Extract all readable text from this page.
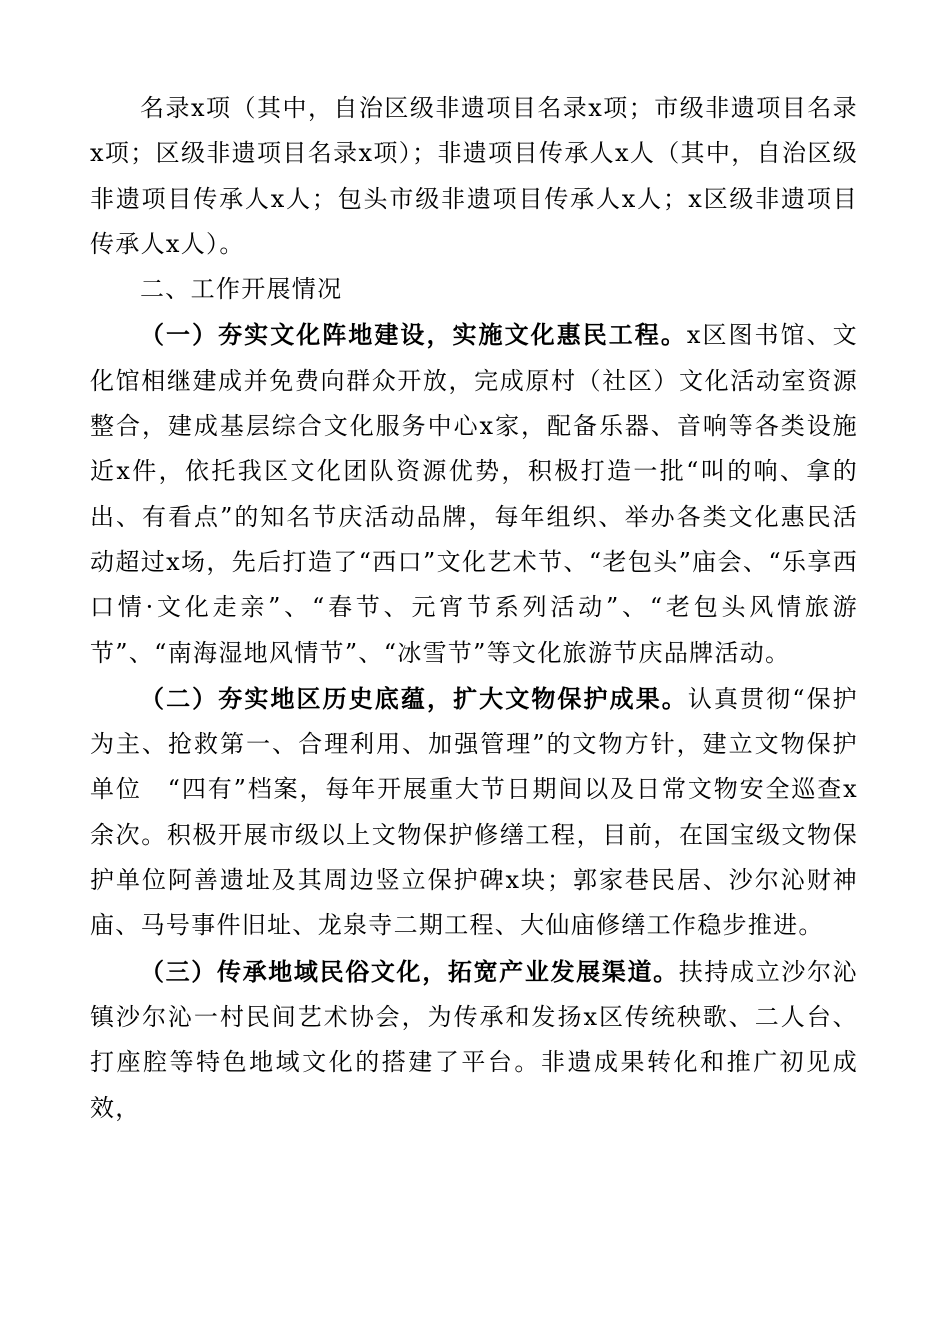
名录x项（其中，自治区级非遗项目名录x项；市级非遗项目名录x项；区级非遗项目名录x项）；非遗项目传承人x人（其中，自治区级非遗项目传承人x人；包头市级非遗项目传承人x人；x区级非遗项目传承人x人）。

二、工作开展情况

（一）夯实文化阵地建设，实施文化惠民工程。x区图书馆、文化馆相继建成并免费向群众开放，完成原村（社区）文化活动室资源整合，建成基层综合文化服务中心x家，配备乐器、音响等各类设施近x件，依托我区文化团队资源优势，积极打造一批“叫的响、拿的出、有看点”的知名节庆活动品牌，每年组织、举办各类文化惠民活动超过x场，先后打造了“西口”文化艺术节、“老包头”庙会、“乐享西口情·文化走亲”、“春节、元宵节系列活动”、“老包头风情旅游节”、“南海湿地风情节”、“冰雪节”等文化旅游节庆品牌活动。

（二）夯实地区历史底蕴，扩大文物保护成果。认真贯彻“保护为主、抢救第一、合理利用、加强管理”的文物方针，建立文物保护单位　“四有”档案，每年开展重大节日期间以及日常文物安全巡查x余次。积极开展市级以上文物保护修缮工程，目前，在国宝级文物保护单位阿善遗址及其周边竖立保护碑x块；郭家巷民居、沙尔沁财神庙、马号事件旧址、龙泉寺二期工程、大仙庙修缮工作稳步推进。

（三）传承地域民俗文化，拓宽产业发展渠道。扶持成立沙尔沁镇沙尔沁一村民间艺术协会，为传承和发扬x区传统秧歌、二人台、打座腔等特色地域文化的搭建了平台。非遗成果转化和推广初见成效，
